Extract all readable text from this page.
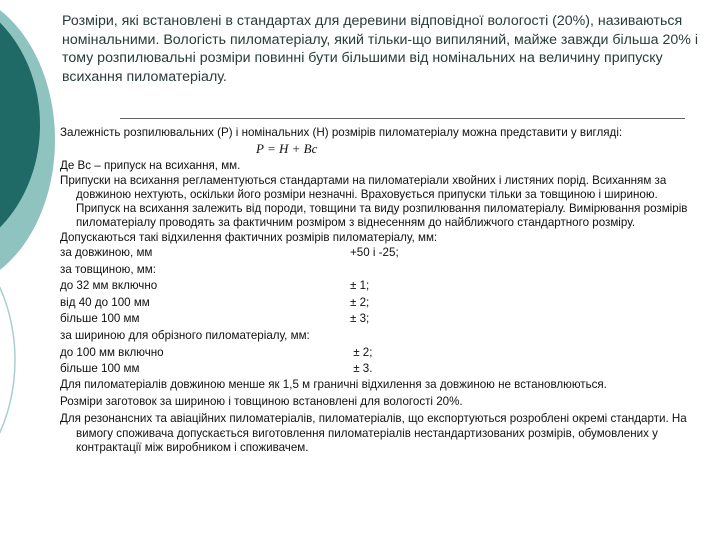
Розміри, які встановлені в стандартах для деревини відповідної вологості (20%), називаються номінальними. Вологість пиломатеріалу, який тільки-що випиляний, майже завжди більша 20% і тому розпилювальні розміри повинні бути більшими від номінальних на величину припуску всихання пиломатеріалу.

Залежність розпилювальних (Р) і номінальних (Н) розмірів пиломатеріалу можна представити у вигляді:

P = H + Bc

Де Вс – припуск на всихання, мм.

Припуски на всихання регламентуються стандартами на пиломатеріали хвойних і листяних порід. Всиханням за довжиною нехтують, оскільки його розміри незначні. Враховується припуски тільки за товщиною і шириною. Припуск на всихання залежить від породи, товщини та виду розпилювання пиломатеріалу. Вимірювання розмірів пиломатеріалу проводять за фактичним розміром з віднесенням до найближчого стандартного розміру.

Допускаються такі відхилення фактичних розмірів пиломатеріалу, мм:

за довжиною, мм	+50 і -25;
за товщиною, мм:
до 32 мм включно	± 1;
від 40 до 100 мм	± 2;
більше 100 мм	± 3;
за шириною для обрізного пиломатеріалу, мм:
до 100 мм включно	± 2;
більше 100 мм	± 3.

Для пиломатеріалів довжиною менше як 1,5 м граничні відхилення за довжиною не встановлюються.

Розміри заготовок за шириною і товщиною встановлені для вологості 20%.

Для резонансних та авіаційних пиломатеріалів, пиломатеріалів, що експортуються розроблені окремі стандарти. На вимогу споживача допускається виготовлення пиломатеріалів нестандартизованих розмірів, обумовлених у контрактації між виробником і споживачем.
